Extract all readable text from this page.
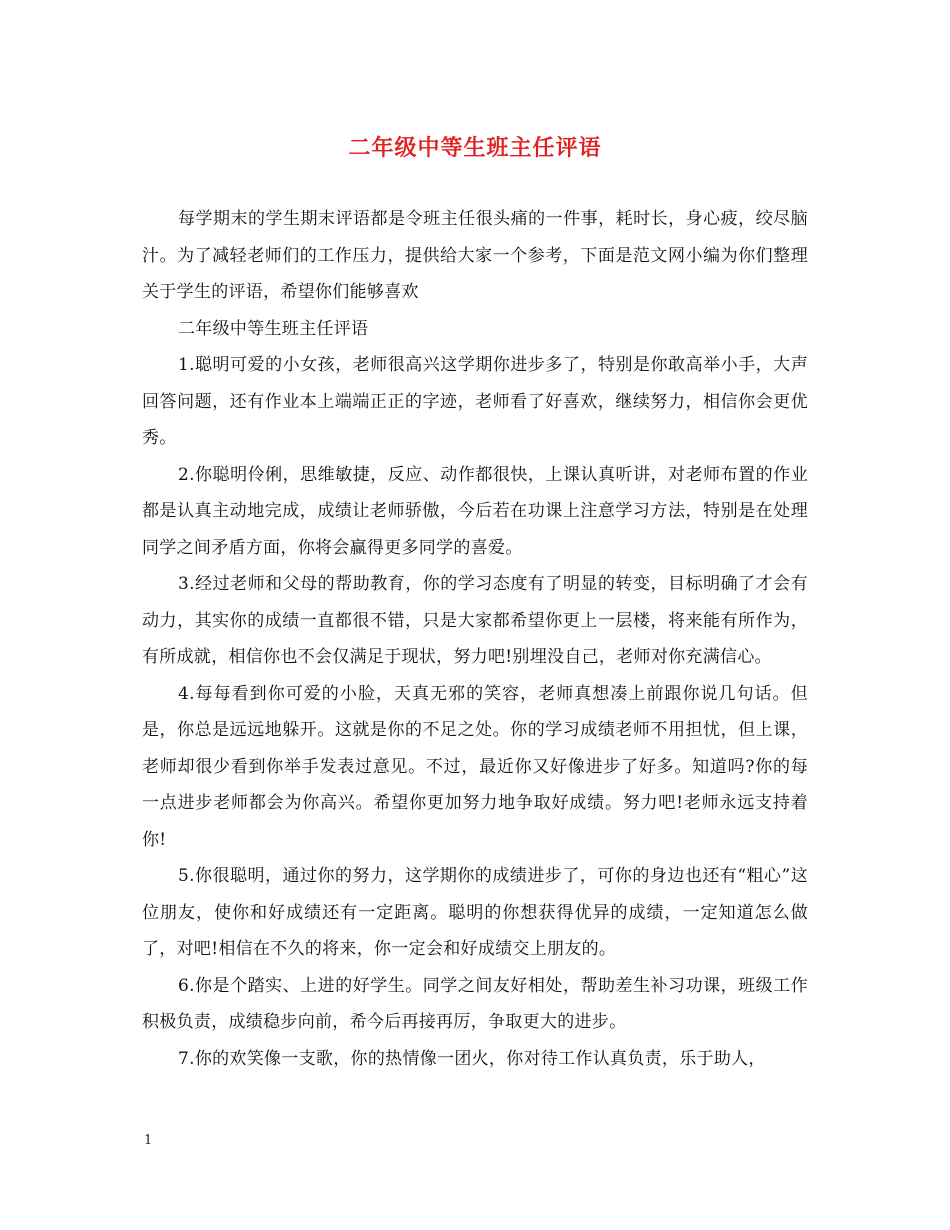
二年级中等生班主任评语

每学期末的学生期末评语都是令班主任很头痛的一件事，耗时长，身心疲，绞尽脑汁。为了减轻老师们的工作压力，提供给大家一个参考，下面是范文网小编为你们整理关于学生的评语，希望你们能够喜欢

二年级中等生班主任评语

1.聪明可爱的小女孩，老师很高兴这学期你进步多了，特别是你敢高举小手，大声回答问题，还有作业本上端端正正的字迹，老师看了好喜欢，继续努力，相信你会更优秀。

2.你聪明伶俐，思维敏捷，反应、动作都很快，上课认真听讲，对老师布置的作业都是认真主动地完成，成绩让老师骄傲，今后若在功课上注意学习方法，特别是在处理同学之间矛盾方面，你将会赢得更多同学的喜爱。

3.经过老师和父母的帮助教育，你的学习态度有了明显的转变，目标明确了才会有动力，其实你的成绩一直都很不错，只是大家都希望你更上一层楼，将来能有所作为，有所成就，相信你也不会仅满足于现状，努力吧!别埋没自己，老师对你充满信心。

4.每每看到你可爱的小脸，天真无邪的笑容，老师真想凑上前跟你说几句话。但是，你总是远远地躲开。这就是你的不足之处。你的学习成绩老师不用担忧，但上课，老师却很少看到你举手发表过意见。不过，最近你又好像进步了好多。知道吗?你的每一点进步老师都会为你高兴。希望你更加努力地争取好成绩。努力吧!老师永远支持着你!

5.你很聪明，通过你的努力，这学期你的成绩进步了，可你的身边也还有“粗心”这位朋友，使你和好成绩还有一定距离。聪明的你想获得优异的成绩，一定知道怎么做了，对吧!相信在不久的将来，你一定会和好成绩交上朋友的。

6.你是个踏实、上进的好学生。同学之间友好相处，帮助差生补习功课，班级工作积极负责，成绩稳步向前，希今后再接再厉，争取更大的进步。

7.你的欢笑像一支歌，你的热情像一团火，你对待工作认真负责，乐于助人，

1
